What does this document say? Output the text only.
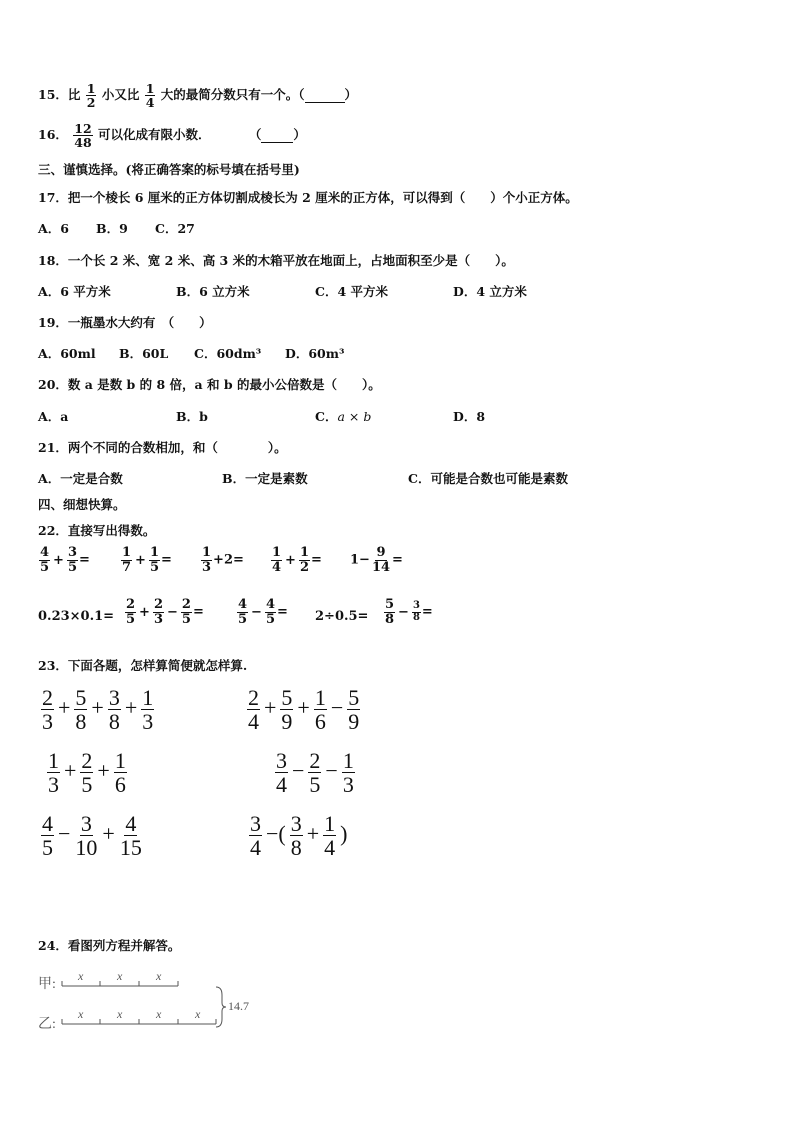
15．比 $\frac{1}{2}$ 小又比 $\frac{1}{4}$ 大的最简分数只有一个。（	）
16． $\frac{12}{48}$ 可以化成有限小数．	（	）
三、谨慎选择。(将正确答案的标号填在括号里)
17．把一个棱长 6 厘米的正方体切割成棱长为 2 厘米的正方体，可以得到（　　）个小正方体。
A．6 B．9 C．27
18．一个长 2 米、宽 2 米、高 3 米的木箱平放在地面上，占地面积至少是（　　）。
A．6 平方米	B．6 立方米	C．4 平方米	D．4 立方米
19．一瓶墨水大约有　（　　）
A．60ml B．60L C．60dm³ D．60m³
20．数 a 是数 b 的 8 倍，a 和 b 的最小公倍数是（　　）。
A．a	B．b	C．a × b	D．8
21．两个不同的合数相加，和（　　　　）。
A．一定是合数	B．一定是素数	C．可能是合数也可能是素数
四、细想快算。
22．直接写出得数。
$\frac{4}{5} + \frac{3}{5} = \frac{1}{7} + \frac{1}{5} = \frac{1}{3} +2= \frac{1}{4} + \frac{1}{2} = 1- \frac{9}{14}$ =
$0.23\times 0.1= \frac{2}{5} + \frac{2}{3} - \frac{2}{5}$ =	$\frac{4}{5} - \frac{4}{5} = 2\div 0.5= \frac{5}{8} - \frac{3}{8}$ =
23．下面各题，怎样算简便就怎样算.
$\frac{2}{3} + \frac{5}{8} + \frac{3}{8} + \frac{1}{3}$	$\frac{2}{4} + \frac{5}{9} + \frac{1}{6} - \frac{5}{9}$
$\frac{1}{3} + \frac{2}{5} + \frac{1}{6}$	$\frac{3}{4} - \frac{2}{5} - \frac{1}{3}$
$\frac{4}{5} - \frac{3}{10} + \frac{4}{15}$	$\frac{3}{4}$ −( $\frac{3}{8} + \frac{1}{4}$ )
24．看图列方程并解答。
甲:
x	x	x
乙:
x	x	x	x
14.7
